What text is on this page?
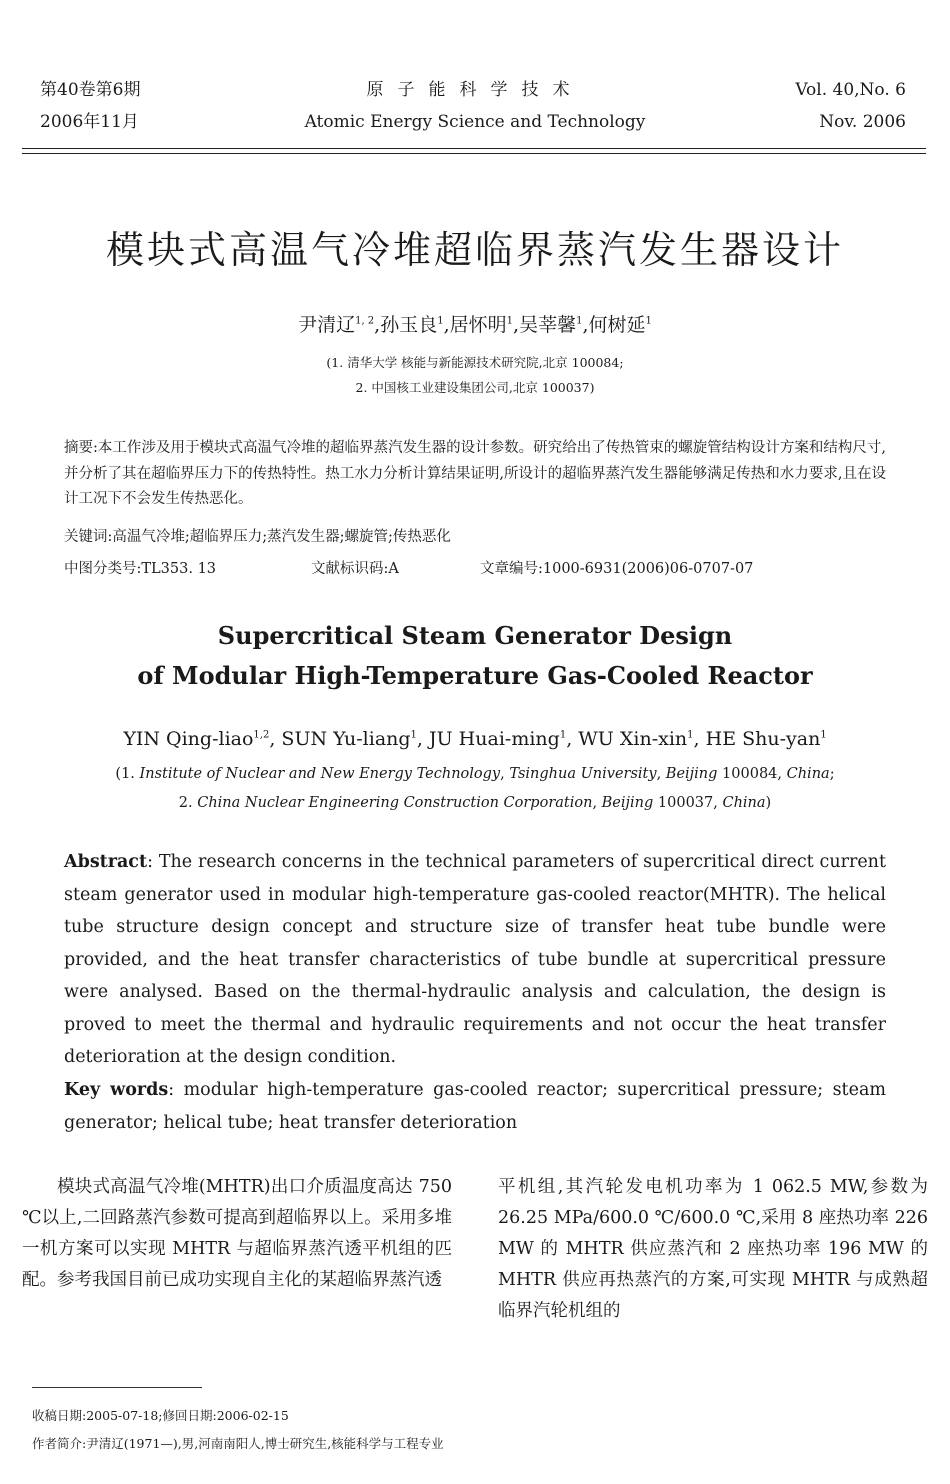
第40卷第6期
2006年11月
原子能科学技术
Atomic Energy Science and Technology
Vol. 40,No. 6
Nov. 2006
模块式高温气冷堆超临界蒸汽发生器设计
尹清辽$^{1, 2}$,孙玉良$^1$,居怀明$^1$,吴莘馨$^1$,何树延$^1$
(1. 清华大学 核能与新能源技术研究院,北京 100084;
2. 中国核工业建设集团公司,北京 100037)
摘要:本工作涉及用于模块式高温气冷堆的超临界蒸汽发生器的设计参数。研究给出了传热管束的螺旋管结构设计方案和结构尺寸,并分析了其在超临界压力下的传热特性。热工水力分析计算结果证明,所设计的超临界蒸汽发生器能够满足传热和水力要求,且在设计工况下不会发生传热恶化。
关键词:高温气冷堆;超临界压力;蒸汽发生器;螺旋管;传热恶化
中图分类号:TL353. 13	文献标识码:A	文章编号:1000-6931(2006)06-0707-07
Supercritical Steam Generator Design
of Modular High-Temperature Gas-Cooled Reactor
YIN Qing-liao$^{1,2}$, SUN Yu-liang$^1$, JU Huai-ming$^1$, WU Xin-xin$^1$, HE Shu-yan$^1$
(1. Institute of Nuclear and New Energy Technology, Tsinghua University, Beijing 100084, China;
2. China Nuclear Engineering Construction Corporation, Beijing 100037, China)
Abstract: The research concerns in the technical parameters of supercritical direct current steam generator used in modular high-temperature gas-cooled reactor(MHTR). The helical tube structure design concept and structure size of transfer heat tube bundle were provided, and the heat transfer characteristics of tube bundle at supercritical pressure were analysed. Based on the thermal-hydraulic analysis and calculation, the design is proved to meet the thermal and hydraulic requirements and not occur the heat transfer deterioration at the design condition.
Key words: modular high-temperature gas-cooled reactor; supercritical pressure; steam generator; helical tube; heat transfer deterioration
模块式高温气冷堆(MHTR)出口介质温度高达 750 ℃以上,二回路蒸汽参数可提高到超临界以上。采用多堆一机方案可以实现 MHTR 与超临界蒸汽透平机组的匹配。参考我国目前已成功实现自主化的某超临界蒸汽透
平机组,其汽轮发电机功率为 1 062.5 MW,参数为 26.25 MPa/600.0 ℃/600.0 ℃,采用 8 座热功率 226 MW 的 MHTR 供应蒸汽和 2 座热功率 196 MW 的 MHTR 供应再热蒸汽的方案,可实现 MHTR 与成熟超临界汽轮机组的
收稿日期:2005-07-18;修回日期:2006-02-15
作者简介:尹清辽(1971—),男,河南南阳人,博士研究生,核能科学与工程专业
